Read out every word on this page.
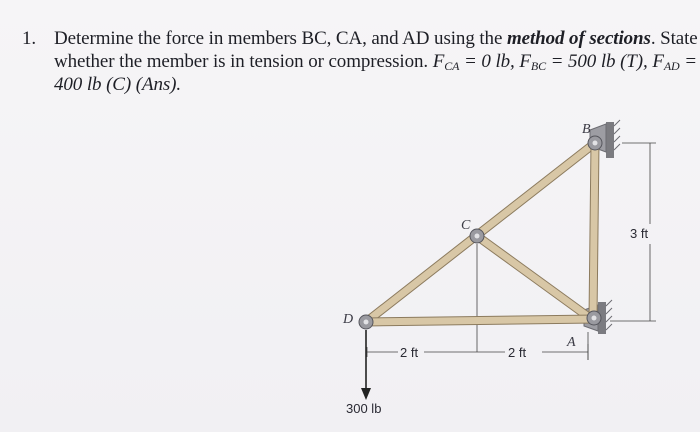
1. Determine the force in members BC, CA, and AD using the method of sections. State
whether the member is in tension or compression. $F_{CA} = 0$ lb, $F_{BC} = 500$ lb (T), $F_{AD}$ =
400 lb (C) (Ans).
B
C
D
A
2 ft	2 ft
3 ft
300 lb
